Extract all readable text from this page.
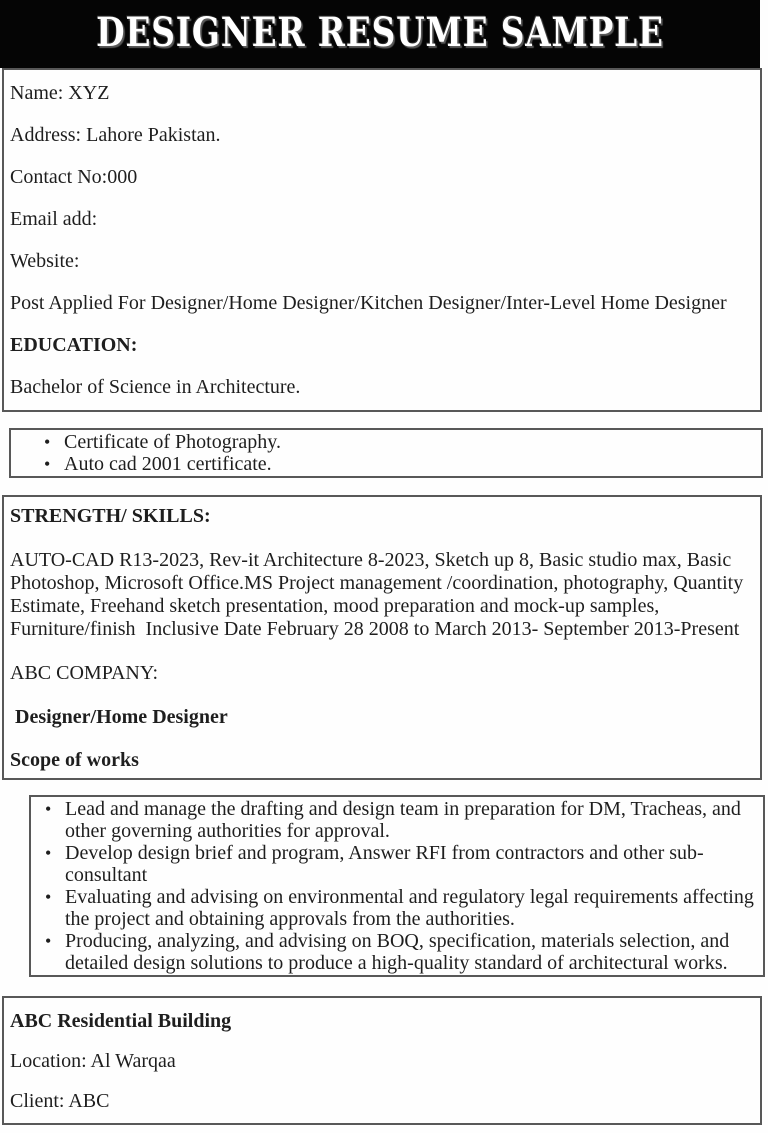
DESIGNER RESUME SAMPLE

Name: XYZ

Address: Lahore Pakistan.

Contact No:000

Email add:

Website:

Post Applied For Designer/Home Designer/Kitchen Designer/Inter-Level Home Designer

EDUCATION:

Bachelor of Science in Architecture.

• Certificate of Photography.
• Auto cad 2001 certificate.

STRENGTH/ SKILLS:

AUTO-CAD R13-2023, Rev-it Architecture 8-2023, Sketch up 8, Basic studio max, Basic Photoshop, Microsoft Office.MS Project management /coordination, photography, Quantity Estimate, Freehand sketch presentation, mood preparation and mock-up samples, Furniture/finish  Inclusive Date February 28 2008 to March 2013- September 2013-Present

ABC COMPANY:

Designer/Home Designer

Scope of works

• Lead and manage the drafting and design team in preparation for DM, Tracheas, and other governing authorities for approval.
• Develop design brief and program, Answer RFI from contractors and other sub-consultant
• Evaluating and advising on environmental and regulatory legal requirements affecting the project and obtaining approvals from the authorities.
• Producing, analyzing, and advising on BOQ, specification, materials selection, and detailed design solutions to produce a high-quality standard of architectural works.

ABC Residential Building

Location: Al Warqaa

Client: ABC
